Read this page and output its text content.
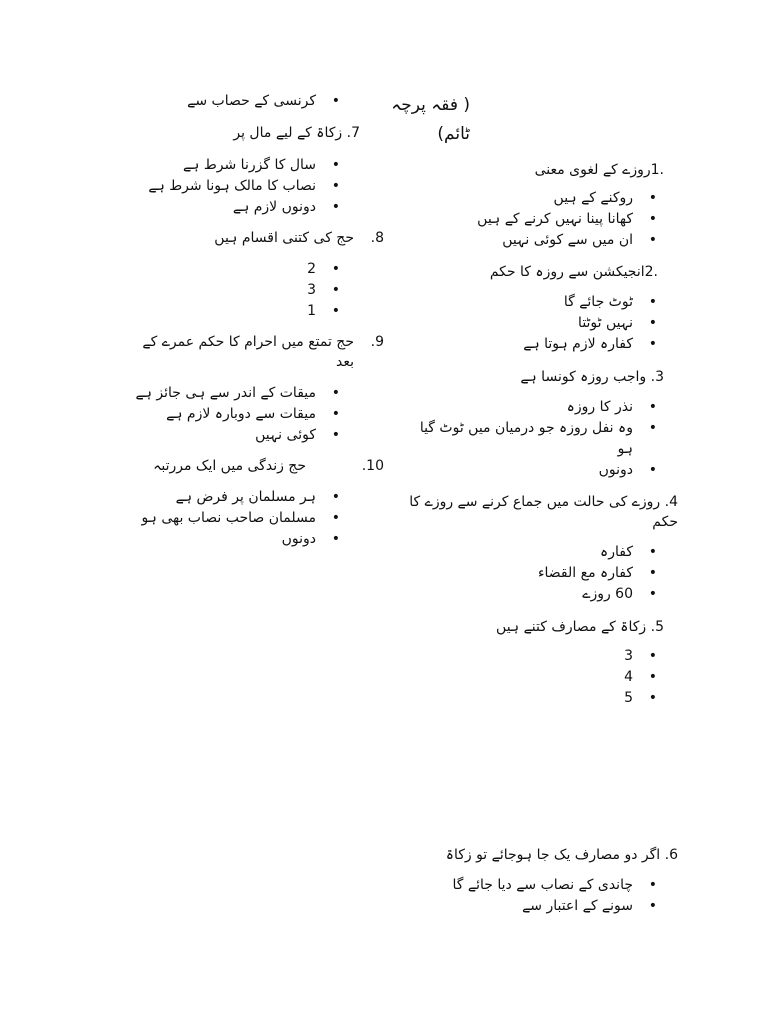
( فقہ پرچہ
ٹائم)
.1روزے کے لغوی معنی
• روکنے کے ہیں
• کھانا پینا نہیں کرنے کے ہیں
• ان میں سے کوئی نہیں
.2انجیکشن سے روزہ کا حکم
• ٹوٹ جائے گا
• نہیں ٹوٹتا
• کفارہ لازم ہوتا ہے
3. واجب روزہ کونسا ہے
• نذر کا روزہ
• وہ نفل روزہ جو درمیان میں ٹوٹ گیا ہو
• دونوں
4. روزے کی حالت میں جماع کرنے سے روزے کا حکم
• کفارہ
• کفارہ مع القضاء
• 60 روزے
5. زکاۃ کے مصارف کتنے ہیں
• 3
• 4
• 5
6. اگر دو مصارف یک جا ہوجائے تو زکاۃ
• چاندی کے نصاب سے دیا جائے گا
• سونے کے اعتبار سے
• کرنسی کے حصاب سے
7. زکاۃ کے لیے مال پر
• سال کا گزرنا شرط ہے
• نصاب کا مالک ہونا شرط ہے
• دونوں لازم ہے
8.
حج کی کتنی اقسام ہیں
• 2
• 3
• 1
9.
حج تمتع میں احرام کا حکم عمرے کے بعد
• میقات کے اندر سے ہی جائز ہے
• میقات سے دوبارہ لازم ہے
• کوئی نہیں
10.
حج زندگی میں ایک مررتبہ
• ہر مسلمان پر فرض ہے
• مسلمان صاحب نصاب بھی ہو
• دونوں
